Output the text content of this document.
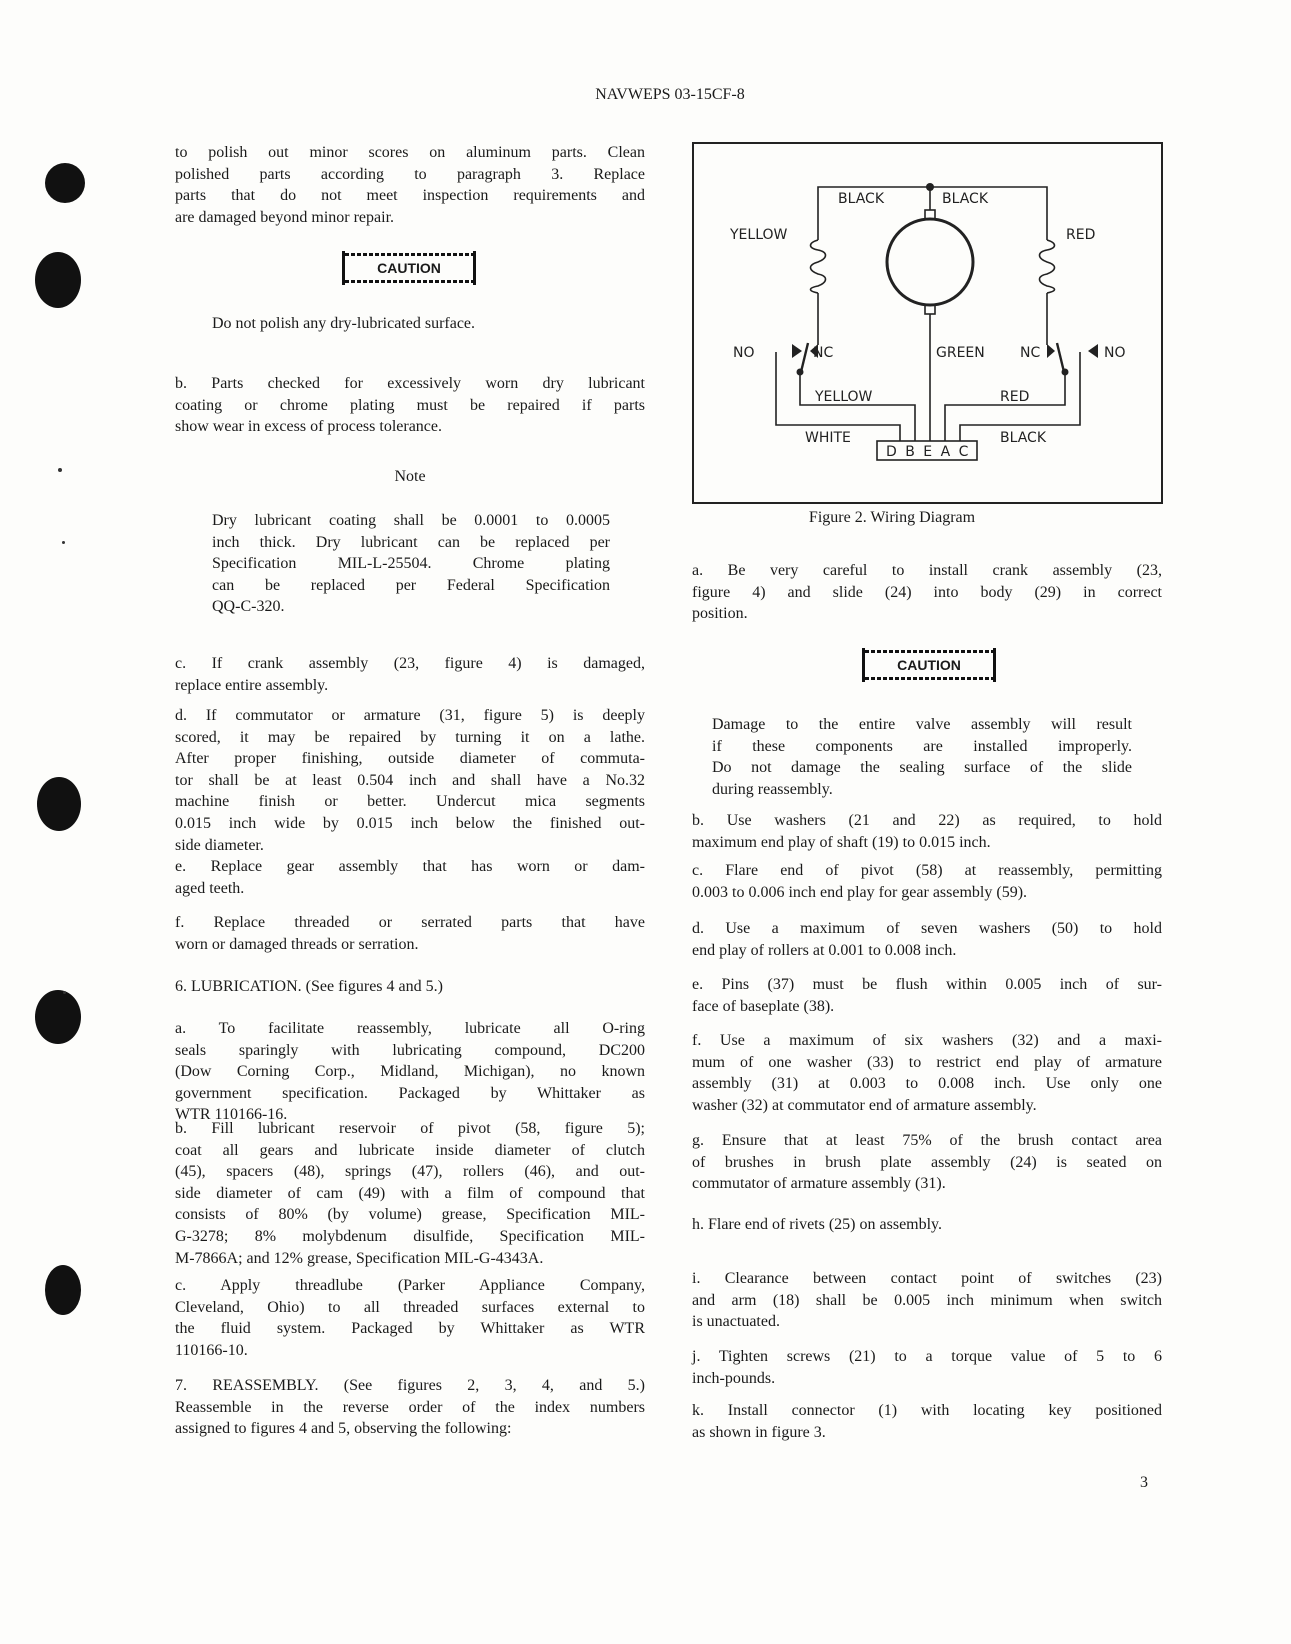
NAVWEPS 03-15CF-8
to polish out minor scores on aluminum parts. Clean
polished parts according to paragraph 3. Replace
parts that do not meet inspection requirements and
are damaged beyond minor repair.
CAUTION
Do not polish any dry-lubricated surface.
b. Parts checked for excessively worn dry lubricant
coating or chrome plating must be repaired if parts
show wear in excess of process tolerance.
Note
Dry lubricant coating shall be 0.0001 to 0.0005
inch thick. Dry lubricant can be replaced per
Specification MIL-L-25504. Chrome plating
can be replaced per Federal Specification
QQ-C-320.
c. If crank assembly (23, figure 4) is damaged,
replace entire assembly.
d. If commutator or armature (31, figure 5) is deeply
scored, it may be repaired by turning it on a lathe.
After proper finishing, outside diameter of commuta-
tor shall be at least 0.504 inch and shall have a No.32
machine finish or better. Undercut mica segments
0.015 inch wide by 0.015 inch below the finished out-
side diameter.
e. Replace gear assembly that has worn or dam-
aged teeth.
f. Replace threaded or serrated parts that have
worn or damaged threads or serration.
6. LUBRICATION. (See figures 4 and 5.)
a. To facilitate reassembly, lubricate all O-ring
seals sparingly with lubricating compound, DC200
(Dow Corning Corp., Midland, Michigan), no known
government specification. Packaged by Whittaker as
WTR 110166-16.
b. Fill lubricant reservoir of pivot (58, figure 5);
coat all gears and lubricate inside diameter of clutch
(45), spacers (48), springs (47), rollers (46), and out-
side diameter of cam (49) with a film of compound that
consists of 80% (by volume) grease, Specification MIL-
G-3278; 8% molybdenum disulfide, Specification MIL-
M-7866A; and 12% grease, Specification MIL-G-4343A.
c. Apply threadlube (Parker Appliance Company,
Cleveland, Ohio) to all threaded surfaces external to
the fluid system. Packaged by Whittaker as WTR
110166-10.
7. REASSEMBLY. (See figures 2, 3, 4, and 5.)
Reassemble in the reverse order of the index numbers
assigned to figures 4 and 5, observing the following:
BLACK	BLACK
YELLOW	RED
NO	NC	GREEN	NC	NO
YELLOW	RED
WHITE	BLACK
D B E A C
Figure 2. Wiring Diagram
a. Be very careful to install crank assembly (23,
figure 4) and slide (24) into body (29) in correct
position.
CAUTION
Damage to the entire valve assembly will result
if these components are installed improperly.
Do not damage the sealing surface of the slide
during reassembly.
b. Use washers (21 and 22) as required, to hold
maximum end play of shaft (19) to 0.015 inch.
c. Flare end of pivot (58) at reassembly, permitting
0.003 to 0.006 inch end play for gear assembly (59).
d. Use a maximum of seven washers (50) to hold
end play of rollers at 0.001 to 0.008 inch.
e. Pins (37) must be flush within 0.005 inch of sur-
face of baseplate (38).
f. Use a maximum of six washers (32) and a maxi-
mum of one washer (33) to restrict end play of armature
assembly (31) at 0.003 to 0.008 inch. Use only one
washer (32) at commutator end of armature assembly.
g. Ensure that at least 75% of the brush contact area
of brushes in brush plate assembly (24) is seated on
commutator of armature assembly (31).
h. Flare end of rivets (25) on assembly.
i. Clearance between contact point of switches (23)
and arm (18) shall be 0.005 inch minimum when switch
is unactuated.
j. Tighten screws (21) to a torque value of 5 to 6
inch-pounds.
k. Install connector (1) with locating key positioned
as shown in figure 3.
3
